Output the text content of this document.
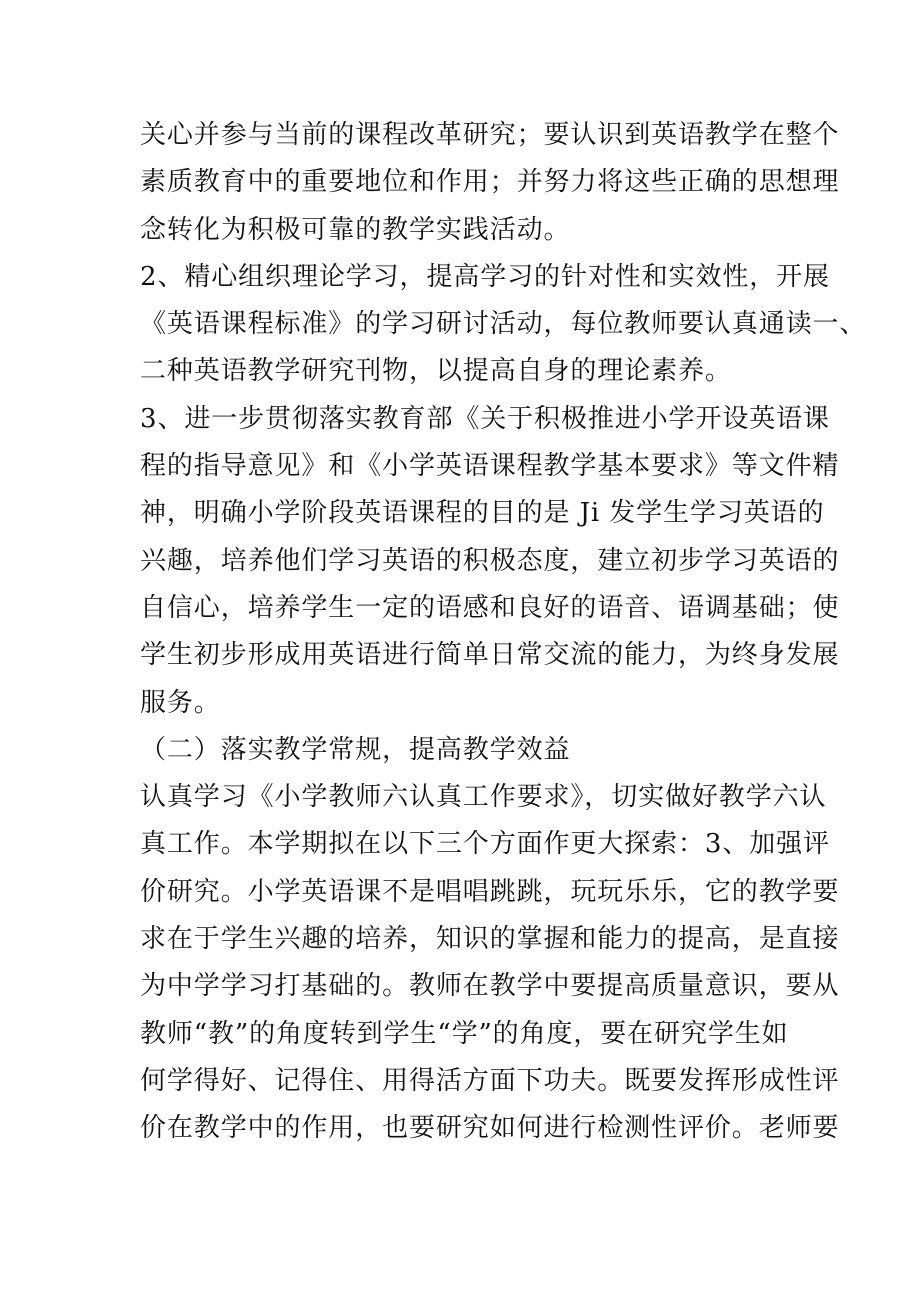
关心并参与当前的课程改革研究；要认识到英语教学在整个
素质教育中的重要地位和作用；并努力将这些正确的思想理
念转化为积极可靠的教学实践活动。
2、精心组织理论学习，提高学习的针对性和实效性，开展
《英语课程标准》的学习研讨活动，每位教师要认真通读一、
二种英语教学研究刊物，以提高自身的理论素养。
3、进一步贯彻落实教育部《关于积极推进小学开设英语课
程的指导意见》和《小学英语课程教学基本要求》等文件精
神，明确小学阶段英语课程的目的是 Ji 发学生学习英语的
兴趣，培养他们学习英语的积极态度，建立初步学习英语的
自信心，培养学生一定的语感和良好的语音、语调基础；使
学生初步形成用英语进行简单日常交流的能力，为终身发展
服务。
（二）落实教学常规，提高教学效益
认真学习《小学教师六认真工作要求》，切实做好教学六认
真工作。本学期拟在以下三个方面作更大探索：3、加强评
价研究。小学英语课不是唱唱跳跳，玩玩乐乐，它的教学要
求在于学生兴趣的培养，知识的掌握和能力的提高，是直接
为中学学习打基础的。教师在教学中要提高质量意识，要从
教师“教”的角度转到学生“学”的角度，要在研究学生如
何学得好、记得住、用得活方面下功夫。既要发挥形成性评
价在教学中的作用，也要研究如何进行检测性评价。老师要
